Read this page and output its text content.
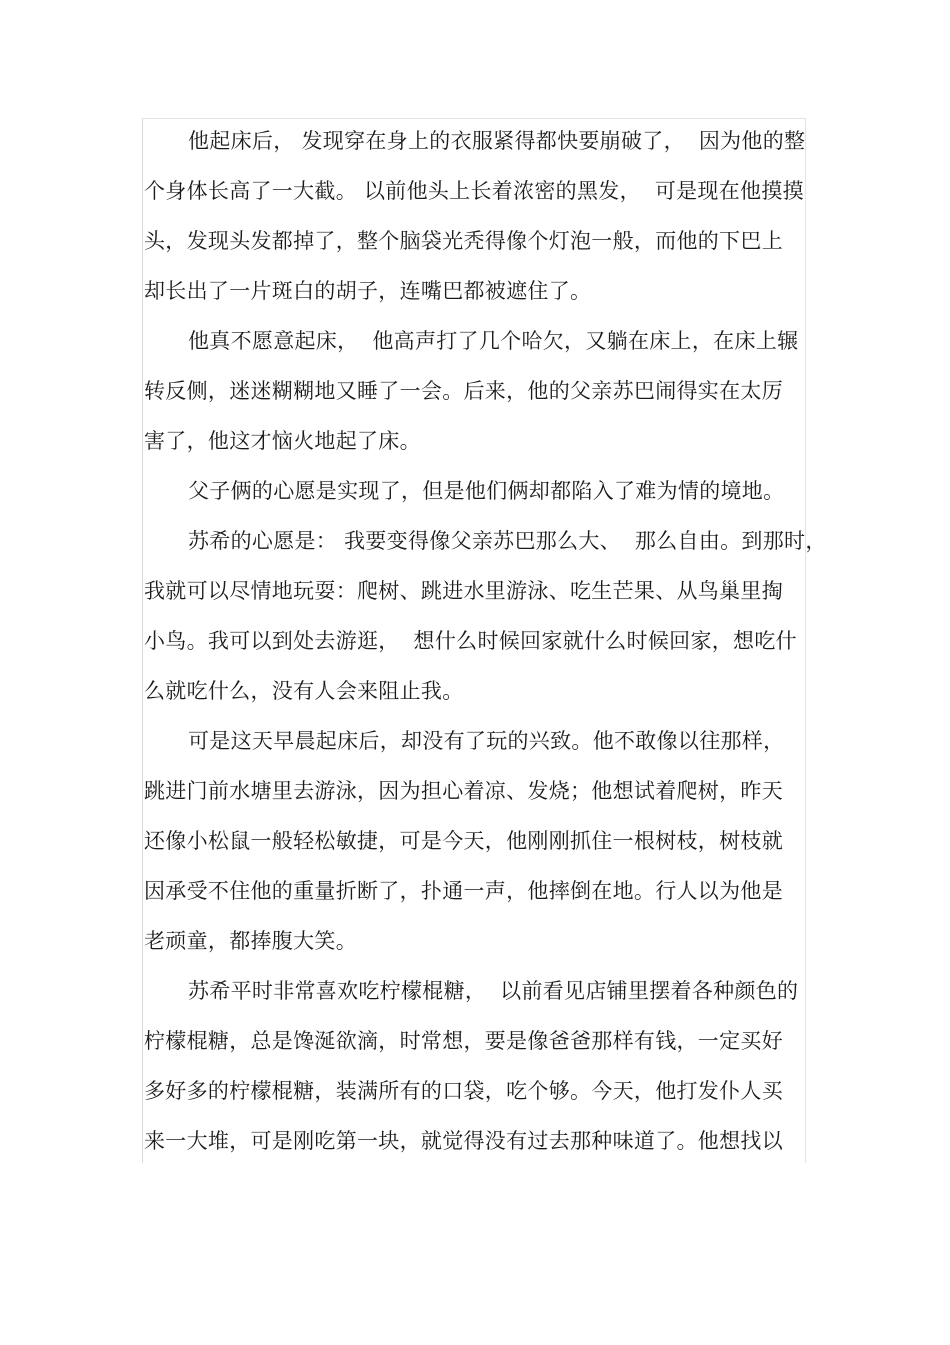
他起床后， 发现穿在身上的衣服紧得都快要崩破了，  因为他的整
个身体长高了一大截。 以前他头上长着浓密的黑发，  可是现在他摸摸
头，发现头发都掉了，整个脑袋光秃得像个灯泡一般，而他的下巴上
却长出了一片斑白的胡子，连嘴巴都被遮住了。
他真不愿意起床，  他高声打了几个哈欠，又躺在床上，在床上辗
转反侧，迷迷糊糊地又睡了一会。后来，他的父亲苏巴闹得实在太厉
害了，他这才恼火地起了床。
父子俩的心愿是实现了，但是他们俩却都陷入了难为情的境地。
苏希的心愿是： 我要变得像父亲苏巴那么大、  那么自由。到那时，
我就可以尽情地玩耍：爬树、跳进水里游泳、吃生芒果、从鸟巢里掏
小鸟。我可以到处去游逛，  想什么时候回家就什么时候回家，想吃什
么就吃什么，没有人会来阻止我。
可是这天早晨起床后，却没有了玩的兴致。他不敢像以往那样，
跳进门前水塘里去游泳，因为担心着凉、发烧；他想试着爬树，昨天
还像小松鼠一般轻松敏捷，可是今天，他刚刚抓住一根树枝，树枝就
因承受不住他的重量折断了，扑通一声，他摔倒在地。行人以为他是
老顽童，都捧腹大笑。
苏希平时非常喜欢吃柠檬棍糖，  以前看见店铺里摆着各种颜色的
柠檬棍糖，总是馋涎欲滴，时常想，要是像爸爸那样有钱，一定买好
多好多的柠檬棍糖，装满所有的口袋，吃个够。今天，他打发仆人买
来一大堆，可是刚吃第一块，就觉得没有过去那种味道了。他想找以
